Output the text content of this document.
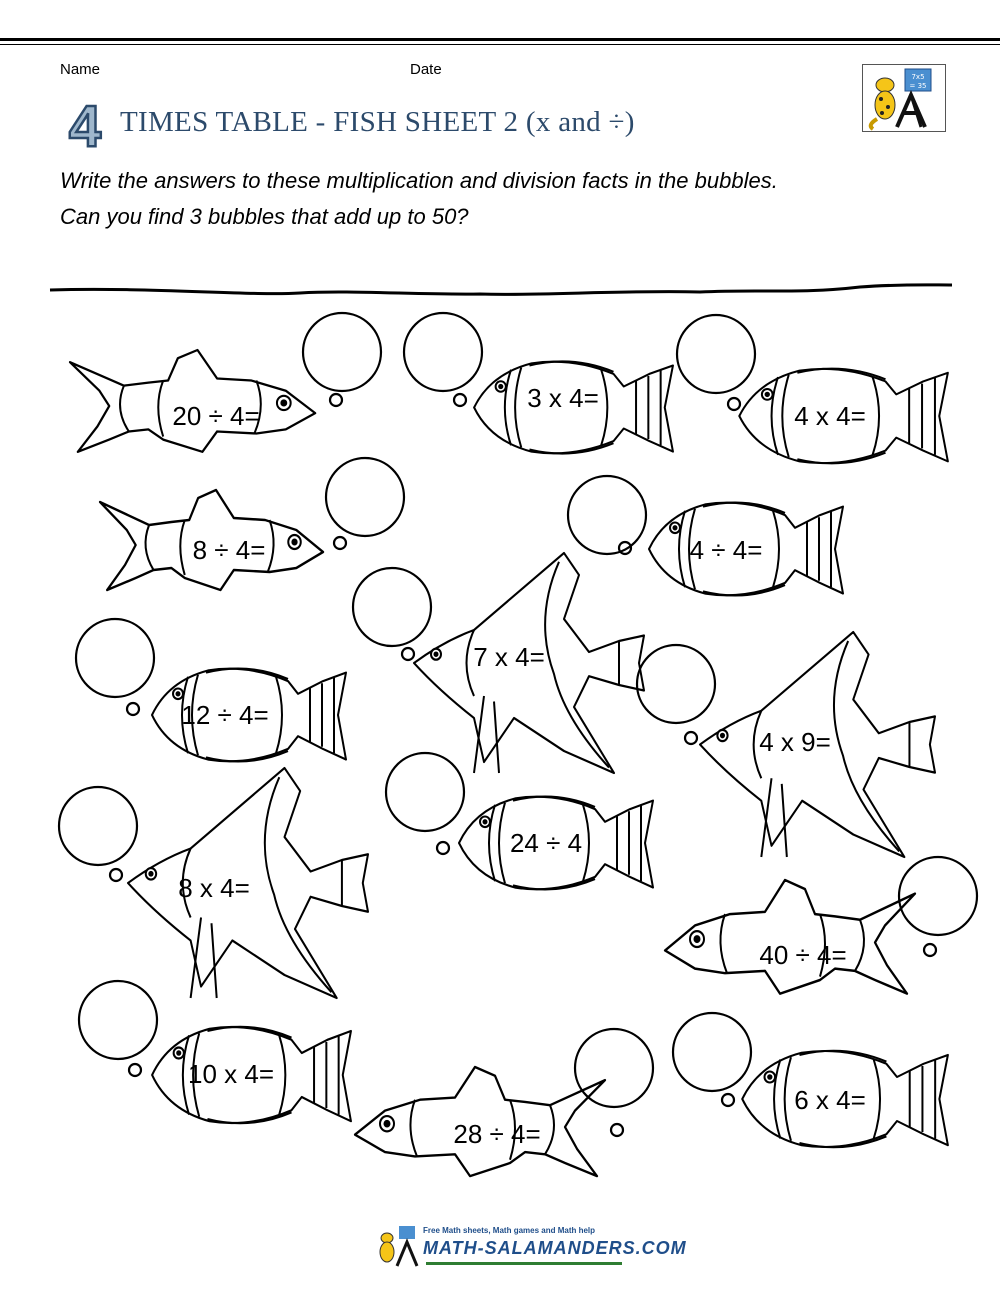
Name	Date
4 TIMES TABLE - FISH SHEET 2 (x and ÷)
Write the answers to these multiplication and division facts in the bubbles.
Can you find 3 bubbles that add up to 50?
7x5
= 35
20 ÷ 4=
3 x 4=
4 x 4=
8 ÷ 4=	4 ÷ 4=
7 x 4=
12 ÷ 4=
4 x 9=
24 ÷ 4
8 x 4=
40 ÷ 4=
10 x 4=
6 x 4=
28 ÷ 4=
Free Math sheets, Math games and Math help
MATH-SALAMANDERS.COM
